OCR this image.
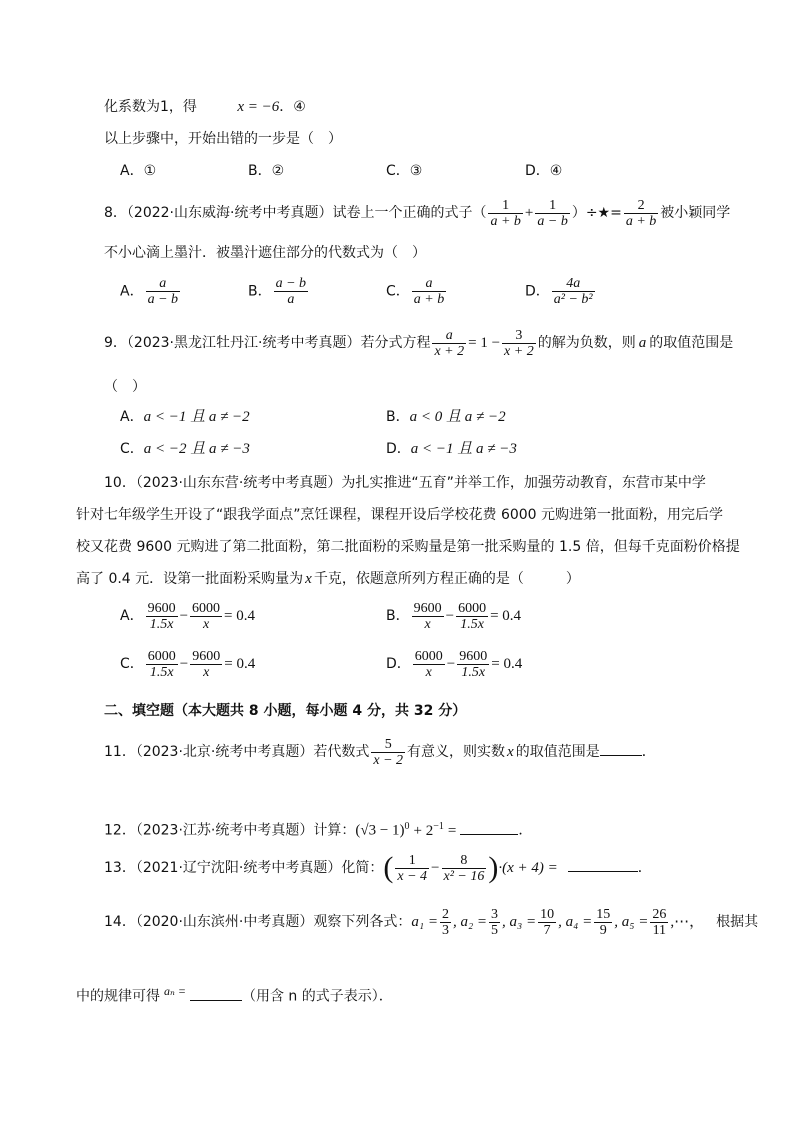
化系数为1，得	x = −6．④
以上步骤中，开始出错的一步是（　）
A．①	B．②	C．③	D．④
8．（2022·山东威海·统考中考真题）试卷上一个正确的式子（ $\frac{1}{a + b} + \frac{1}{a - b}$ ）÷★= $\frac{2}{a + b}$ 被小颖同学
不小心滴上墨汁．被墨汁遮住部分的代数式为（　）
A． $\frac{a}{a - b}$	B． $\frac{a - b}{a}$	C． $\frac{a}{a + b}$	D． $\frac{4a}{\text{a² − b²}}$
9．（2023·黑龙江牡丹江·统考中考真题）若分式方程 $\frac{a}{x + 2} = 1 - \frac{3}{x + 2}$ 的解为负数，则 a 的取值范围是
（　）
A．a < −1 且 a ≠ −2	B．a < 0 且 a ≠ −2
C．a < −2 且 a ≠ −3	D．a < −1 且 a ≠ −3
10．（2023·山东东营·统考中考真题）为扎实推进“五育”并举工作，加强劳动教育，东营市某中学
针对七年级学生开设了“跟我学面点”烹饪课程，课程开设后学校花费 6000 元购进第一批面粉，用完后学
校又花费 9600 元购进了第二批面粉，第二批面粉的采购量是第一批采购量的 1.5 倍，但每千克面粉价格提
高了 0.4 元．设第一批面粉采购量为 x 千克，依题意所列方程正确的是（　　　）
A． $\frac{9600}{1.5x} - \frac{6000}{x} = 0.4$	B． $\frac{9600}{x} - \frac{6000}{1.5x} = 0.4$
C． $\frac{6000}{1.5x} - \frac{9600}{x} = 0.4$	D． $\frac{6000}{x} - \frac{9600}{1.5x} = 0.4$
二、填空题（本大题共 8 小题，每小题 4 分，共 32 分）
11．（2023·北京·统考中考真题）若代数式 $\frac{5}{x - 2}$ 有意义，则实数 x 的取值范围是	．
12．（2023·江苏·统考中考真题）计算：$(√3 - 1)^0 + 2^{-1}$ =	．
13．（2021·辽宁沈阳·统考中考真题）化简：( $\frac{1}{x - 4} - \frac{8}{\text{x² − 16}} )\cdot(x + 4)$ =	．
14．（2020·山东滨州·中考真题）观察下列各式：$a_1 = \frac{2}{3}$ , $a_2 = \frac{3}{5}$ , $a_3 = \frac{10}{7}$ , $a_4 = \frac{15}{9}$ , $a_5 = \frac{26}{11}$ ,⋯， 根据其
中的规律可得 aₙ =	（用含 n 的式子表示）．
